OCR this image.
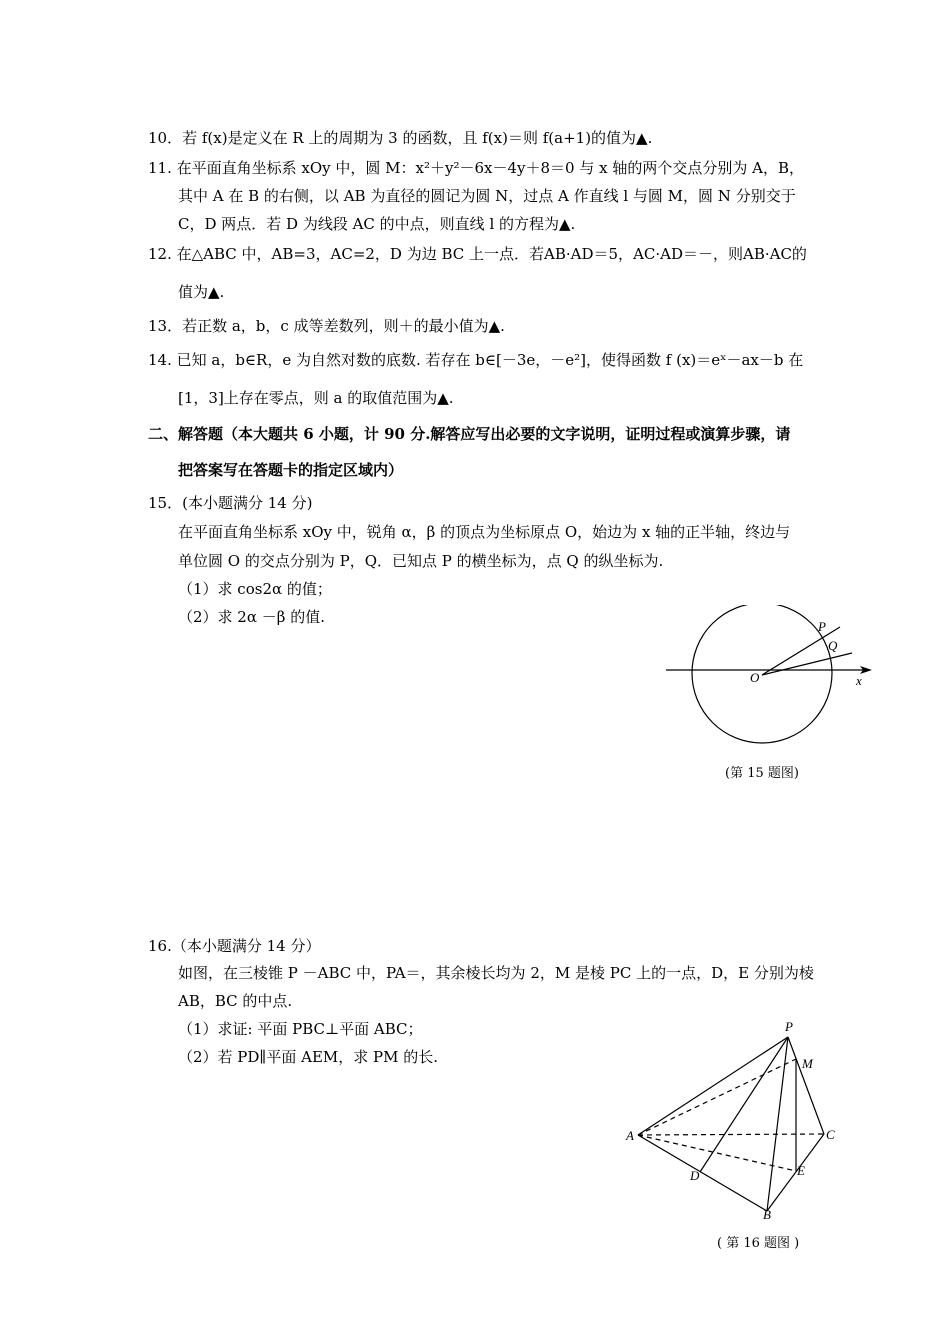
10．若 f(x)是定义在 R 上的周期为 3 的函数，且 f(x)＝则 f(a+1)的值为▲.
11. 在平面直角坐标系 xOy 中，圆 M：x²＋y²－6x－4y＋8＝0 与 x 轴的两个交点分别为 A，B，
其中 A 在 B 的右侧，以 AB 为直径的圆记为圆 N，过点 A 作直线 l 与圆 M，圆 N 分别交于
C，D 两点．若 D 为线段 AC 的中点，则直线 l 的方程为▲.
12. 在△ABC 中，AB=3，AC=2，D 为边 BC 上一点．若AB·AD＝5，AC·AD＝－，则AB·AC的
值为▲.
13．若正数 a，b，c 成等差数列，则＋的最小值为▲.
14. 已知 a，b∈R，e 为自然对数的底数. 若存在 b∈[－3e，－e²]，使得函数 f (x)＝eˣ－ax－b 在
[1，3]上存在零点，则 a 的取值范围为▲.
二、解答题（本大题共 6 小题，计 90 分.解答应写出必要的文字说明，证明过程或演算步骤，请
把答案写在答题卡的指定区域内）
15．(本小题满分 14 分)
在平面直角坐标系 xOy 中，锐角 α，β 的顶点为坐标原点 O，始边为 x 轴的正半轴，终边与
单位圆 O 的交点分别为 P，Q．已知点 P 的横坐标为，点 Q 的纵坐标为.
（1）求 cos2α 的值；
（2）求 2α －β 的值.
P
Q
O	x
(第 15 题图)
16.（本小题满分 14 分）
如图，在三棱锥 P －ABC 中，PA＝，其余棱长均为 2，M 是棱 PC 上的一点，D，E 分别为棱
AB，BC 的中点.
（1）求证: 平面 PBC⊥平面 ABC；
（2）若 PD∥平面 AEM，求 PM 的长.
P
M
A	C
E
D
B
( 第 16 题图 )
